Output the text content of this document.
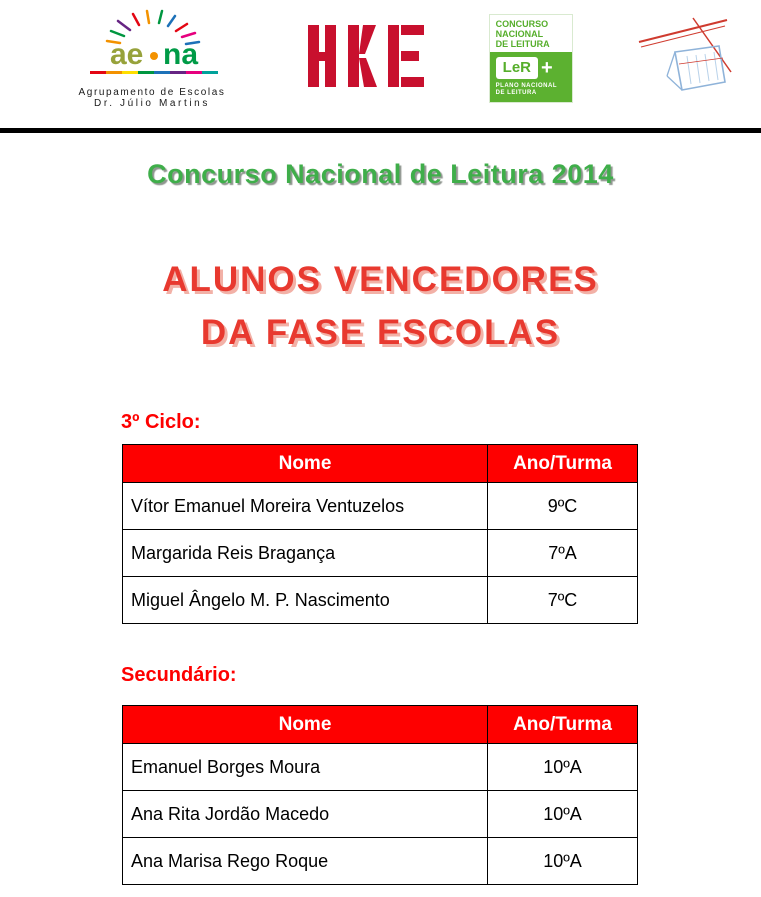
ae na
Agrupamento de Escolas
Dr. Júlio Martins
CONCURSO
NACIONAL
DE LEITURA
LeR +
PLANO NACIONAL
DE LEITURA
Concurso Nacional de Leitura 2014
ALUNOS VENCEDORES
DA FASE ESCOLAS
3º Ciclo:
Nome	Ano/Turma
Vítor Emanuel Moreira Ventuzelos	9ºC
Margarida Reis Bragança	7ºA
Miguel Ângelo M. P. Nascimento	7ºC
Secundário:
Nome	Ano/Turma
Emanuel Borges Moura	10ºA
Ana Rita Jordão Macedo	10ºA
Ana Marisa Rego Roque	10ºA
